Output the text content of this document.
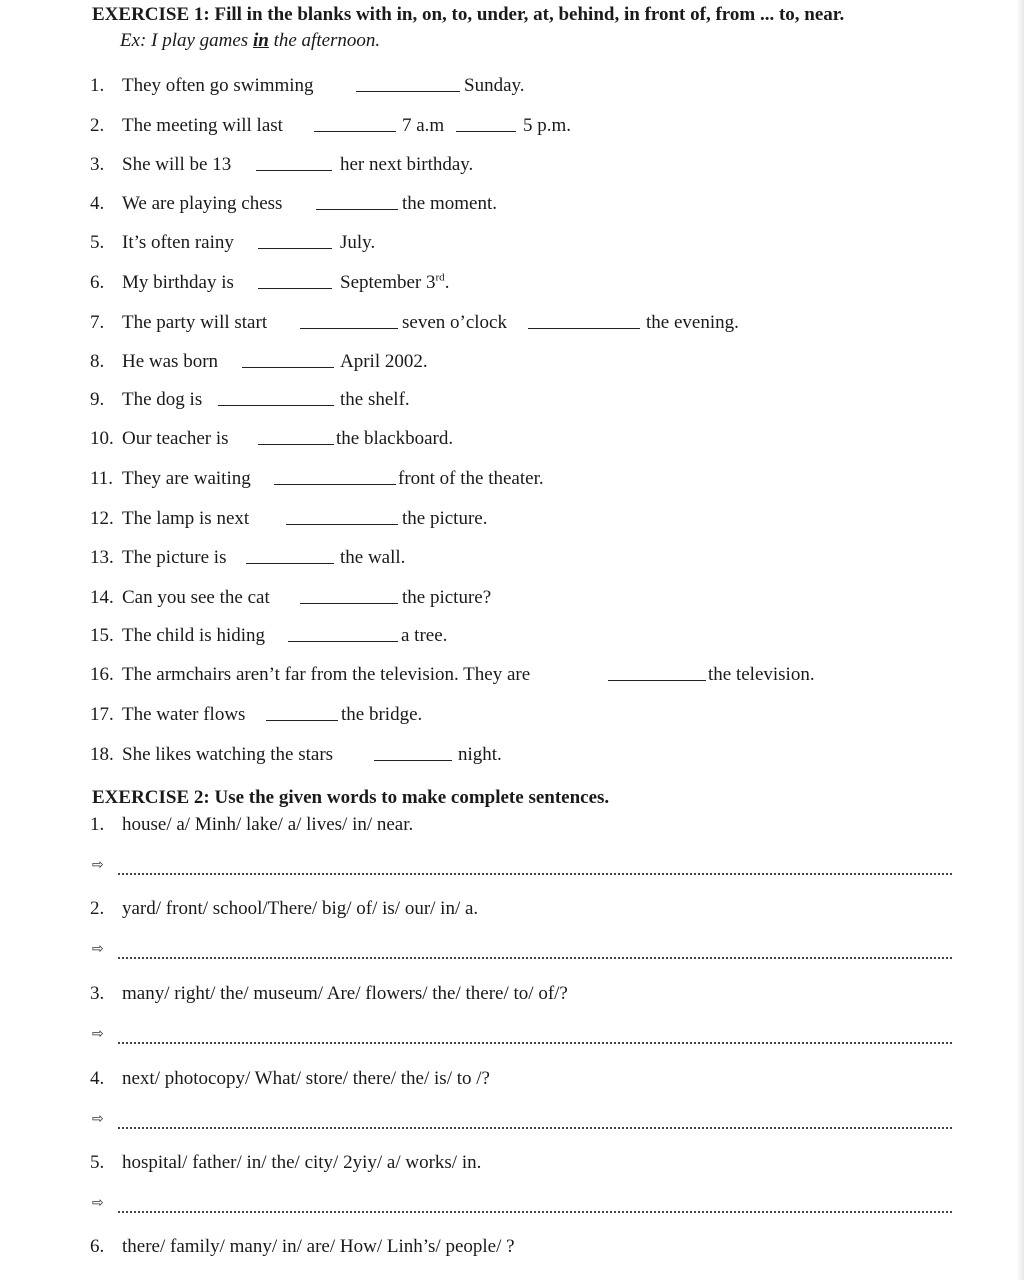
EXERCISE 1: Fill in the blanks with in, on, to, under, at, behind, in front of, from ... to, near.
Ex: I play games in the afternoon.
1. They often go swimming	Sunday.
2. The meeting will last	7 a.m	5 p.m.
3. She will be 13	her next birthday.
4. We are playing chess	the moment.
5. It’s often rainy	July.
6. My birthday is	September 3rd.
7. The party will start	seven o’clock	the evening.
8. He was born	April 2002.
9. The dog is	the shelf.
10. Our teacher is	the blackboard.
11. They are waiting	front of the theater.
12. The lamp is next	the picture.
13. The picture is	the wall.
14. Can you see the cat	the picture?
15. The child is hiding	a tree.
16. The armchairs aren’t far from the television. They are	the television.
17. The water flows	the bridge.
18. She likes watching the stars	night.
EXERCISE 2: Use the given words to make complete sentences.
1. house/ a/ Minh/ lake/ a/ lives/ in/ near.
⇨
2. yard/ front/ school/There/ big/ of/ is/ our/ in/ a.
⇨
3. many/ right/ the/ museum/ Are/ flowers/ the/ there/ to/ of/?
⇨
4. next/ photocopy/ What/ store/ there/ the/ is/ to /?
⇨
5. hospital/ father/ in/ the/ city/ 2yiy/ a/ works/ in.
⇨
6. there/ family/ many/ in/ are/ How/ Linh’s/ people/ ?
